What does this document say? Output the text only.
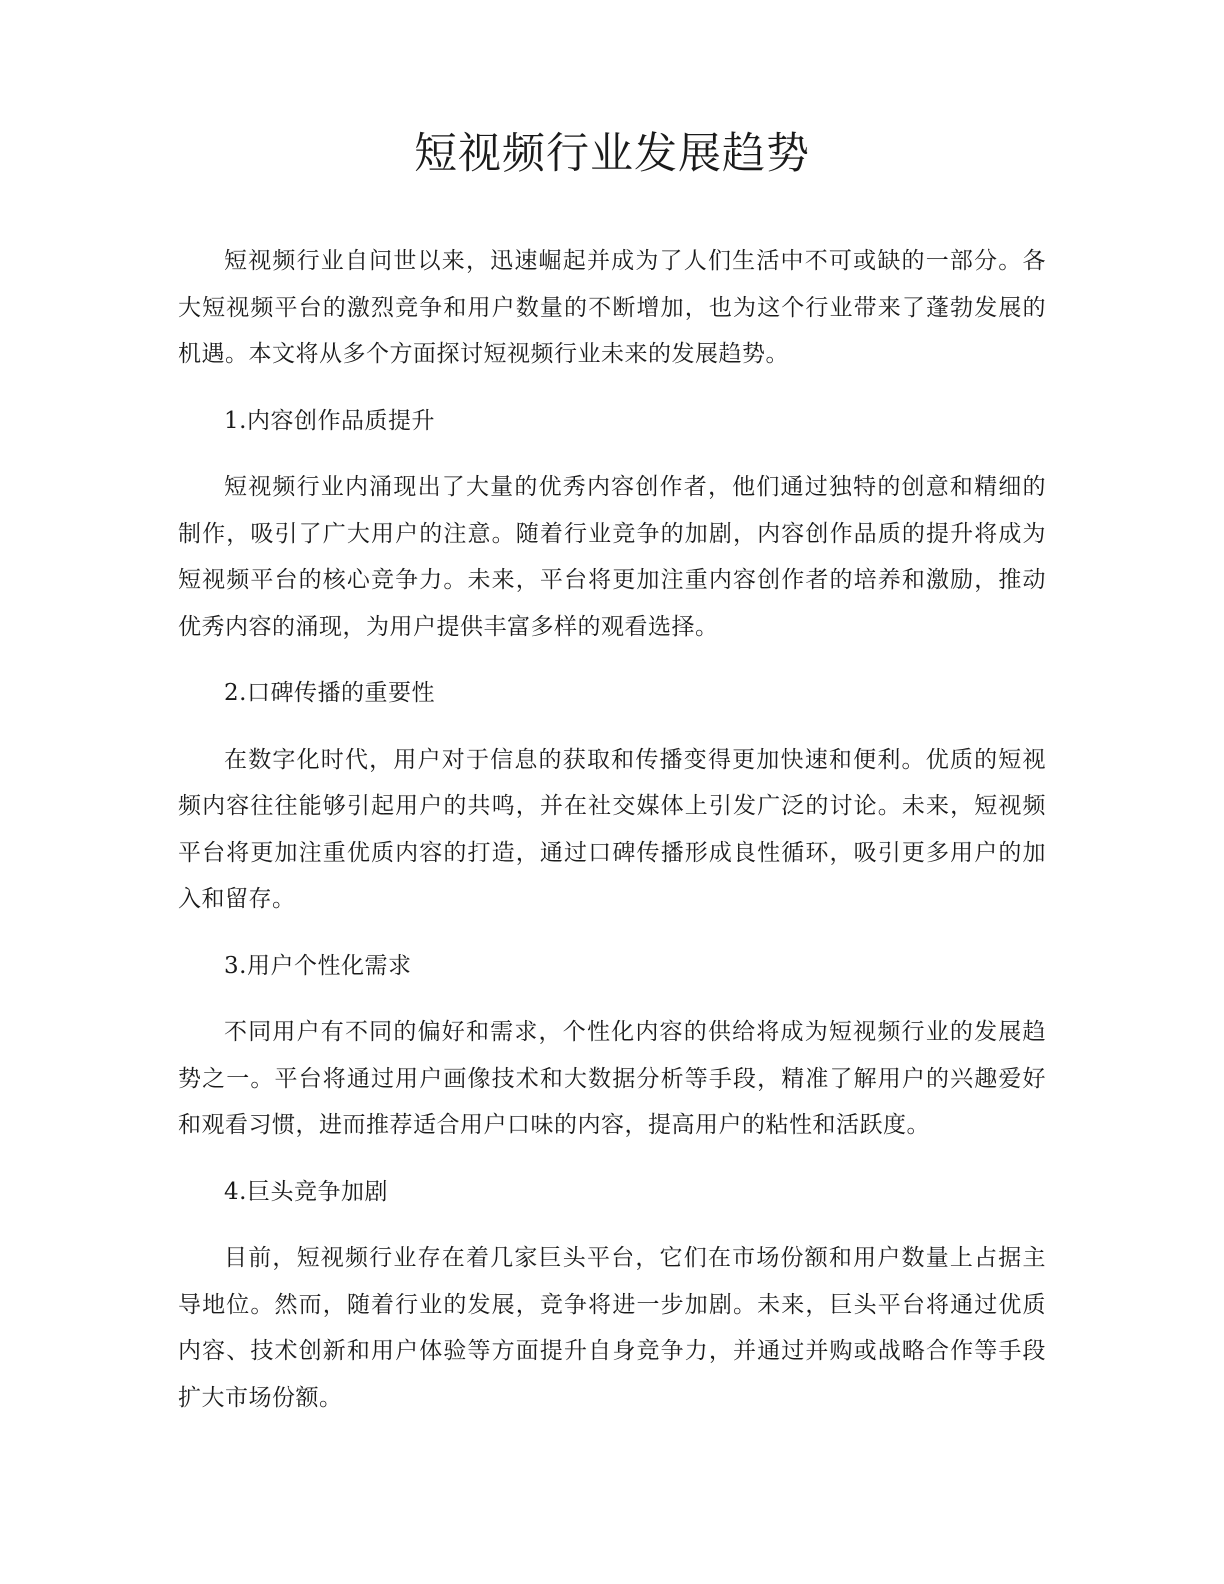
短视频行业发展趋势

短视频行业自问世以来，迅速崛起并成为了人们生活中不可或缺的一部分。各大短视频平台的激烈竞争和用户数量的不断增加，也为这个行业带来了蓬勃发展的机遇。本文将从多个方面探讨短视频行业未来的发展趋势。

1.内容创作品质提升

短视频行业内涌现出了大量的优秀内容创作者，他们通过独特的创意和精细的制作，吸引了广大用户的注意。随着行业竞争的加剧，内容创作品质的提升将成为短视频平台的核心竞争力。未来，平台将更加注重内容创作者的培养和激励，推动优秀内容的涌现，为用户提供丰富多样的观看选择。

2.口碑传播的重要性

在数字化时代，用户对于信息的获取和传播变得更加快速和便利。优质的短视频内容往往能够引起用户的共鸣，并在社交媒体上引发广泛的讨论。未来，短视频平台将更加注重优质内容的打造，通过口碑传播形成良性循环，吸引更多用户的加入和留存。

3.用户个性化需求

不同用户有不同的偏好和需求，个性化内容的供给将成为短视频行业的发展趋势之一。平台将通过用户画像技术和大数据分析等手段，精准了解用户的兴趣爱好和观看习惯，进而推荐适合用户口味的内容，提高用户的粘性和活跃度。

4.巨头竞争加剧

目前，短视频行业存在着几家巨头平台，它们在市场份额和用户数量上占据主导地位。然而，随着行业的发展，竞争将进一步加剧。未来，巨头平台将通过优质内容、技术创新和用户体验等方面提升自身竞争力，并通过并购或战略合作等手段扩大市场份额。
